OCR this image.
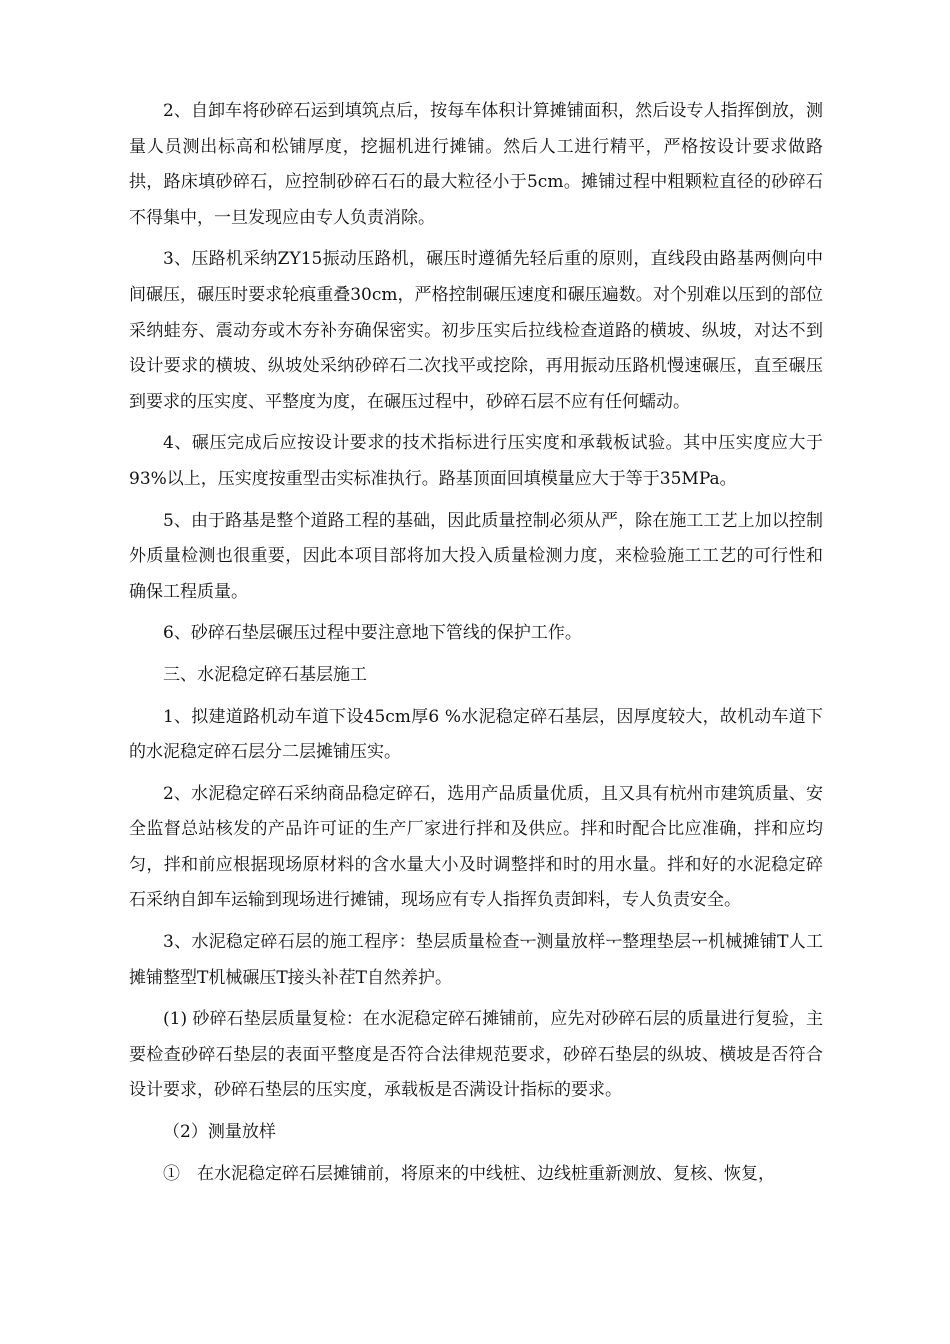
2、自卸车将砂碎石运到填筑点后，按每车体积计算摊铺面积，然后设专人指挥倒放，测量人员测出标高和松铺厚度，挖掘机进行摊铺。然后人工进行精平，严格按设计要求做路拱，路床填砂碎石，应控制砂碎石石的最大粒径小于5cm。摊铺过程中粗颗粒直径的砂碎石不得集中，一旦发现应由专人负责消除。

3、压路机采纳ZY15振动压路机，碾压时遵循先轻后重的原则，直线段由路基两侧向中间碾压，碾压时要求轮痕重叠30cm，严格控制碾压速度和碾压遍数。对个别难以压到的部位采纳蛙夯、震动夯或木夯补夯确保密实。初步压实后拉线检查道路的横坡、纵坡，对达不到设计要求的横坡、纵坡处采纳砂碎石二次找平或挖除，再用振动压路机慢速碾压，直至碾压到要求的压实度、平整度为度，在碾压过程中，砂碎石层不应有任何蠕动。

4、碾压完成后应按设计要求的技术指标进行压实度和承载板试验。其中压实度应大于93%以上，压实度按重型击实标准执行。路基顶面回填模量应大于等于35MPa。

5、由于路基是整个道路工程的基础，因此质量控制必须从严，除在施工工艺上加以控制外质量检测也很重要，因此本项目部将加大投入质量检测力度，来检验施工工艺的可行性和确保工程质量。

6、砂碎石垫层碾压过程中要注意地下管线的保护工作。

三、水泥稳定碎石基层施工

1、拟建道路机动车道下设45cm厚6 %水泥稳定碎石基层，因厚度较大，故机动车道下的水泥稳定碎石层分二层摊铺压实。

2、水泥稳定碎石采纳商品稳定碎石，选用产品质量优质，且又具有杭州市建筑质量、安全监督总站核发的产品许可证的生产厂家进行拌和及供应。拌和时配合比应准确，拌和应均匀，拌和前应根据现场原材料的含水量大小及时调整拌和时的用水量。拌和好的水泥稳定碎石采纳自卸车运输到现场进行摊铺，现场应有专人指挥负责卸料，专人负责安全。

3、水泥稳定碎石层的施工程序：垫层质量检查ᅮ测量放样ᅮ整理垫层ᅮ机械摊铺T人工摊铺整型T机械碾压T接头补茬T自然养护。

(1) 砂碎石垫层质量复检：在水泥稳定碎石摊铺前，应先对砂碎石层的质量进行复验，主要检查砂碎石垫层的表面平整度是否符合法律规范要求，砂碎石垫层的纵坡、横坡是否符合设计要求，砂碎石垫层的压实度，承载板是否满设计指标的要求。

（2）测量放样

①　在水泥稳定碎石层摊铺前，将原来的中线桩、边线桩重新测放、复核、恢复，
